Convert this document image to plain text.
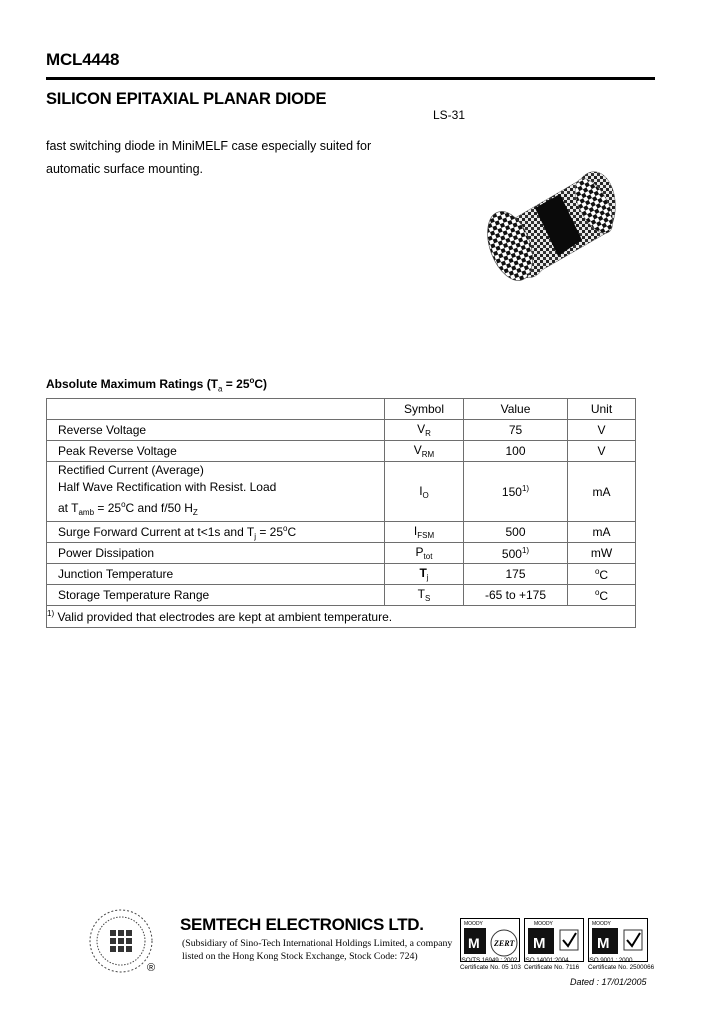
MCL4448
SILICON EPITAXIAL PLANAR DIODE
LS-31
fast switching diode in MiniMELF case especially suited for
automatic surface mounting.
Absolute Maximum Ratings $(T_a = 25^oC)$
	Symbol	Value	Unit
Reverse Voltage	$V_R$	75	V
Peak Reverse Voltage	$V_{RM}$	100	V

Rectified Current (Average)
Half Wave Rectification with Resist. Load
at $T_{amb} = 25^oC$ and f/50 $H_Z$	$I_O$	150$^{1)}$	mA
Surge Forward Current at t<1s and $T_j = 25^oC$	$I_{FSM}$	500	mA
Power Dissipation	$P_{tot}$	500$^{1)}$	mW
Junction Temperature	$T_j$	175	$^o$C
Storage Temperature Range	$T_S$	-65 to +175	$^o$C
$^{1)}$ Valid provided that electrodes are kept at ambient temperature.			
®
SEMTECH ELECTRONICS LTD.
(Subsidiary of Sino-Tech International Holdings Limited, a company
listed on the Hong Kong Stock Exchange, Stock Code: 724)
MOODY
M ZERT
MOODY
M
MOODY
M
ISO/TS 16949 : 2002 ISO 14001:2004	ISO 9001 : 2000
Certificate No. 05 103 Certificate No. 7116 Certificate No. 2500066
Dated : 17/01/2005
